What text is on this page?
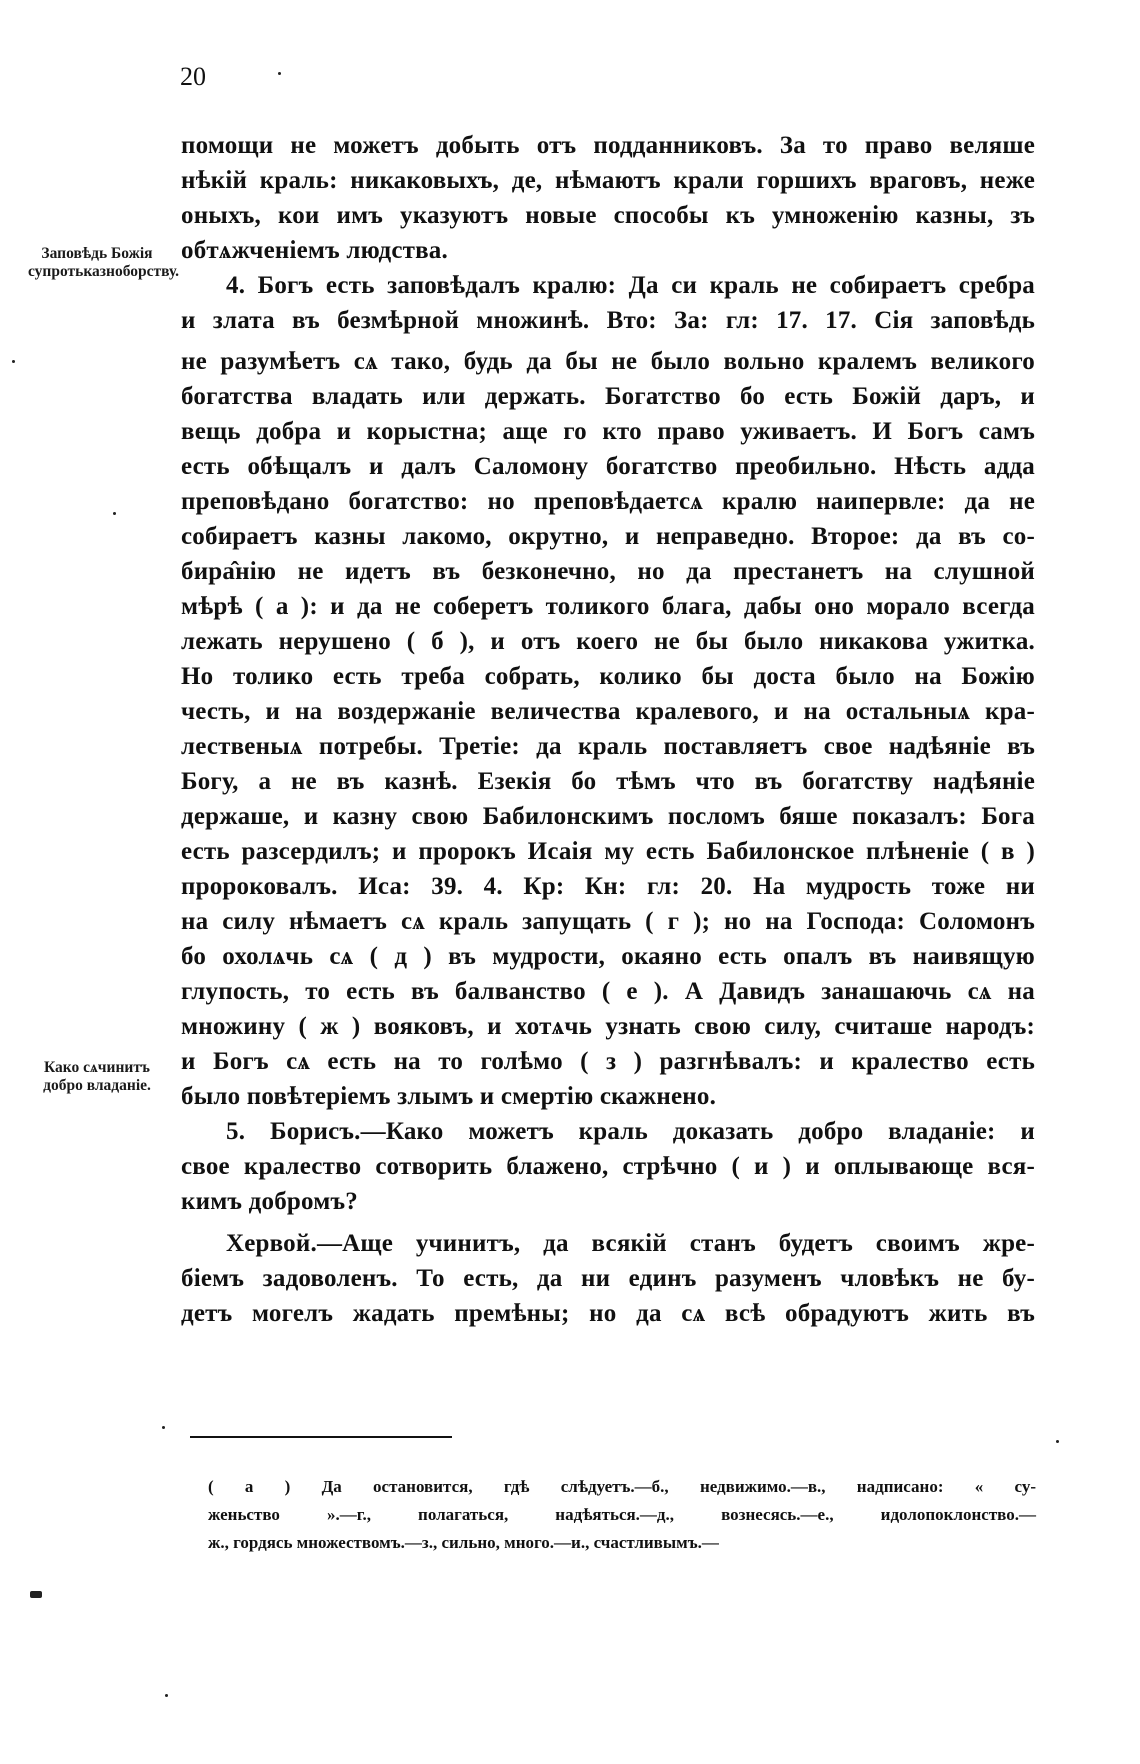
20
Заповѣдь Божія супротьказноборству.
Како сѧчинитъ добро владаніе.
помощи не можетъ добыть отъ подданниковъ. За то право веляше
нѣкій краль: никаковыхъ, де, нѣмаютъ крали горшихъ враговъ, неже
оныхъ, кои имъ указуютъ новые способы къ умноженію казны, зъ
обтѧжченіемъ людства.
4. Богъ есть заповѣдалъ кралю: Да си краль не собираетъ сребра
и злата въ безмѣрной множинѣ. Вто: За: гл: 17. 17. Сія заповѣдь
не разумѣетъ сѧ тако, будь да бы не было вольно кралемъ великого
богатства владать или держать. Богатство бо есть Божій даръ, и
вещь добра и корыстна; аще го кто право уживаетъ. И Богъ самъ
есть обѣщалъ и далъ Саломону богатство преобильно. Нѣсть адда
преповѣдано богатство: но преповѣдаетсѧ кралю наипервле: да не
собираетъ казны лакомо, окрутно, и неправедно. Второе: да въ со-
бира̂нію не идетъ въ безконечно, но да престанетъ на слушной
мѣрѣ ( а ): и да не соберетъ толикого блага, дабы оно морало всегда
лежать нерушено ( б ), и отъ коего не бы было никакова ужитка.
Но толико есть треба собрать, колико бы доста было на Божію
честь, и на воздержаніе величества кралевого, и на остальныѧ кра-
лественыѧ потребы. Третіе: да краль поставляетъ свое надѣяніе въ
Богу, а не въ казнѣ. Езекія бо тѣмъ что въ богатству надѣяніе
держаше, и казну свою Бабилонскимъ посломъ бяше показалъ: Бога
есть разсердилъ; и пророкъ Исаія му есть Бабилонское плѣненіе ( в )
пророковалъ. Иса: 39. 4. Кр: Кн: гл: 20. На мудрость тоже ни
на силу нѣмаетъ сѧ краль запущать ( г ); но на Господа: Соломонъ
бо охолѧчь сѧ ( д ) въ мудрости, окаяно есть опалъ въ наивящую
глупость, то есть въ балванство ( е ). А Давидъ занашаючь сѧ на
множину ( ж ) вояковъ, и хотѧчь узнать свою силу, считаше народъ:
и Богъ сѧ есть на то голѣмо ( з ) разгнѣвалъ: и кралество есть
было повѣтеріемъ злымъ и смертію скажнено.
5. Борисъ.—Како можетъ краль доказать добро владаніе: и
свое кралество сотворить блажено, стрѣчно ( и ) и оплывающе вся-
кимъ добромъ?
Хервой.—Аще учинитъ, да всякій станъ будетъ своимъ жре-
біемъ задоволенъ. То есть, да ни единъ разуменъ чловѣкъ не бу-
детъ могелъ жадать премѣны; но да сѧ всѣ обрадуютъ жить въ
( а ) Да остановится, гдѣ слѣдуетъ.—б., недвижимо.—в., надписано: « су-
женьство ».—г., полагаться, надѣяться.—д., вознесясь.—е., идолопоклонство.—
ж., гордясь множествомъ.—з., сильно, много.—и., счастливымъ.—
